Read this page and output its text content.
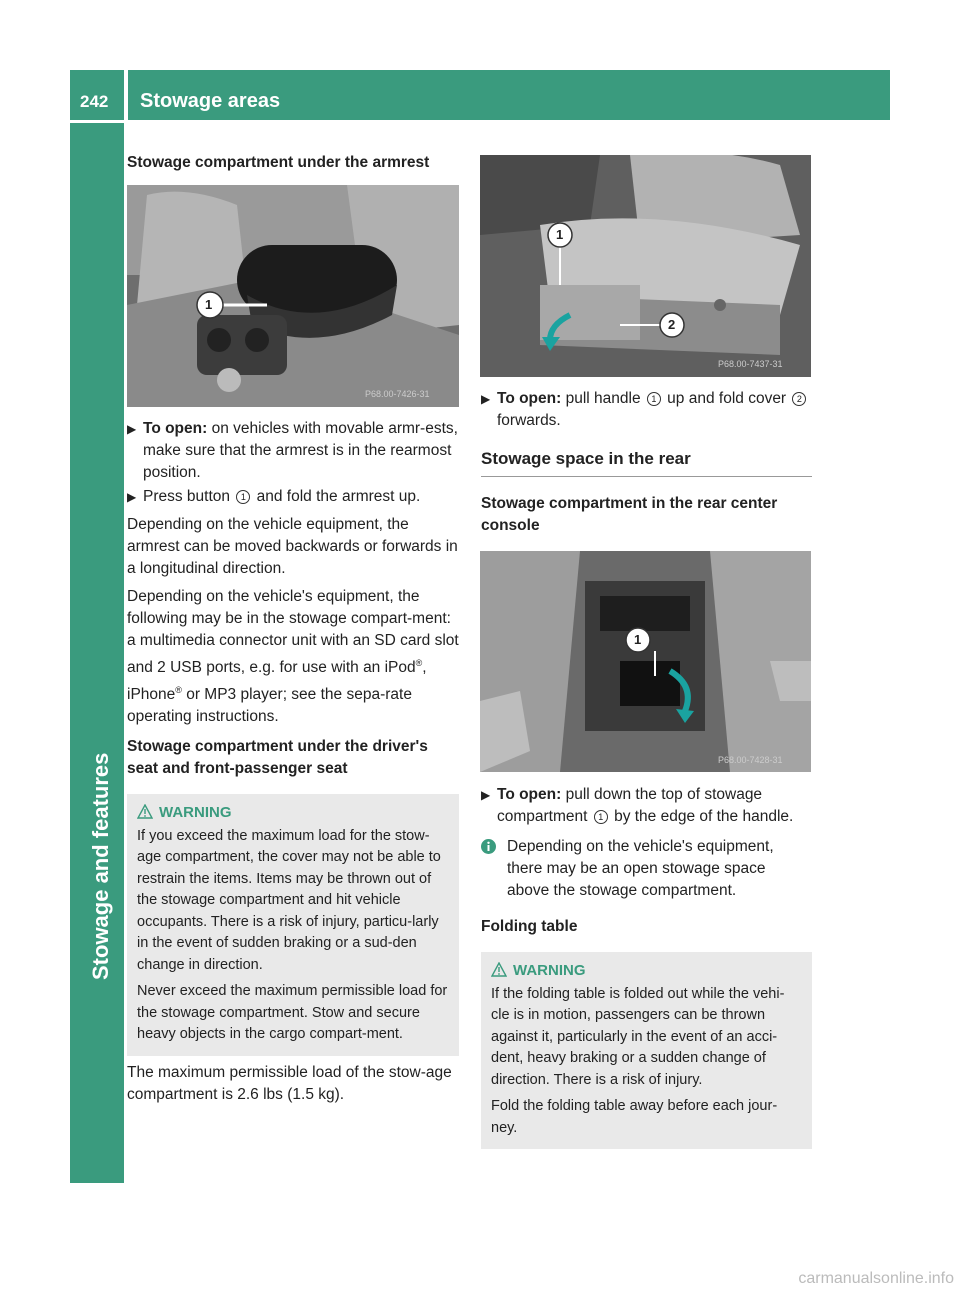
242 Stowage areas
Stowage and features
Stowage compartment under the armrest
1
P68.00-7426-31
▶ To open: on vehicles with movable armr-ests, make sure that the armrest is in the rearmost position.
▶ Press button 1 and fold the armrest up.

Depending on the vehicle equipment, the armrest can be moved backwards or forwards in a longitudinal direction.

Depending on the vehicle's equipment, the following may be in the stowage compart-ment: a multimedia connector unit with an SD card slot and 2 USB ports, e.g. for use with an iPod®, iPhone® or MP3 player; see the sepa-rate operating instructions.

Stowage compartment under the driver's seat and front-passenger seat
WARNING

If you exceed the maximum load for the stow-age compartment, the cover may not be able to restrain the items. Items may be thrown out of the stowage compartment and hit vehicle occupants. There is a risk of injury, particu-larly in the event of sudden braking or a sud-den change in direction.

Never exceed the maximum permissible load for the stowage compartment. Stow and secure heavy objects in the cargo compart-ment.

The maximum permissible load of the stow-age compartment is 2.6 lbs (1.5 kg).

1
2
P68.00-7437-31
▶ To open: pull handle 1 up and fold cover 2 forwards.
Stowage space in the rear
Stowage compartment in the rear center console
1
P68.00-7428-31
▶ To open: pull down the top of stowage compartment 1 by the edge of the handle.
Depending on the vehicle's equipment, there may be an open stowage space above the stowage compartment.
Folding table
WARNING

If the folding table is folded out while the vehi-cle is in motion, passengers can be thrown against it, particularly in the event of an acci-dent, heavy braking or a sudden change of direction. There is a risk of injury.

Fold the folding table away before each jour-ney.

carmanualsonline.info
